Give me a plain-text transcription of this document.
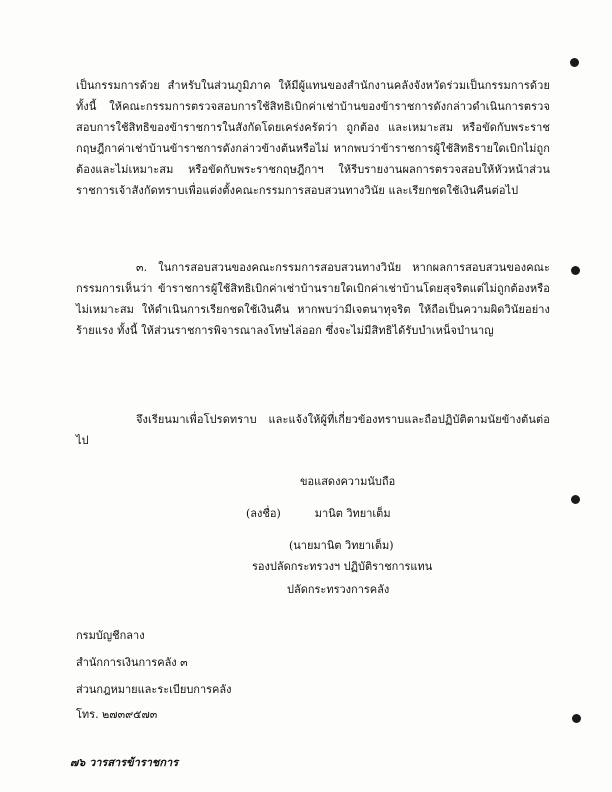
เป็นกรรมการด้วย สำหรับในส่วนภูมิภาค ให้มีผู้แทนของสำนักงานคลังจังหวัดร่วมเป็นกรรมการด้วย ทั้งนี้ ให้คณะกรรมการตรวจสอบการใช้สิทธิเบิกค่าเช่าบ้านของข้าราชการดังกล่าวดำเนินการตรวจสอบการใช้สิทธิของข้าราชการในสังกัดโดยเคร่งครัดว่า ถูกต้อง และเหมาะสม หรือขัดกับพระราชกฤษฎีกาค่าเช่าบ้านข้าราชการดังกล่าวข้างต้นหรือไม่ หากพบว่าข้าราชการผู้ใช้สิทธิรายใดเบิกไม่ถูกต้องและไม่เหมาะสม หรือขัดกับพระราชกฤษฎีกาฯ ให้รีบรายงานผลการตรวจสอบให้หัวหน้าส่วนราชการเจ้าสังกัดทราบเพื่อแต่งตั้งคณะกรรมการสอบสวนทางวินัย และเรียกชดใช้เงินคืนต่อไป

๓. ในการสอบสวนของคณะกรรมการสอบสวนทางวินัย หากผลการสอบสวนของคณะกรรมการเห็นว่า ข้าราชการผู้ใช้สิทธิเบิกค่าเช่าบ้านรายใดเบิกค่าเช่าบ้านโดยสุจริตแต่ไม่ถูกต้องหรือไม่เหมาะสม ให้ดำเนินการเรียกชดใช้เงินคืน หากพบว่ามีเจตนาทุจริต ให้ถือเป็นความผิดวินัยอย่างร้ายแรง ทั้งนี้ ให้ส่วนราชการพิจารณาลงโทษไล่ออก ซึ่งจะไม่มีสิทธิได้รับบำเหน็จบำนาญ

จึงเรียนมาเพื่อโปรดทราบ และแจ้งให้ผู้ที่เกี่ยวข้องทราบและถือปฏิบัติตามนัยข้างต้นต่อไป

ขอแสดงความนับถือ
(ลงชื่อ)	มานิต วิทยาเต็ม
(นายมานิต วิทยาเต็ม)
รองปลัดกระทรวงฯ ปฏิบัติราชการแทน
ปลัดกระทรวงการคลัง
กรมบัญชีกลาง
สำนักการเงินการคลัง ๓
ส่วนกฎหมายและระเบียบการคลัง
โทร. ๒๗๓๙๕๗๓
๗๖ วารสารข้าราชการ
